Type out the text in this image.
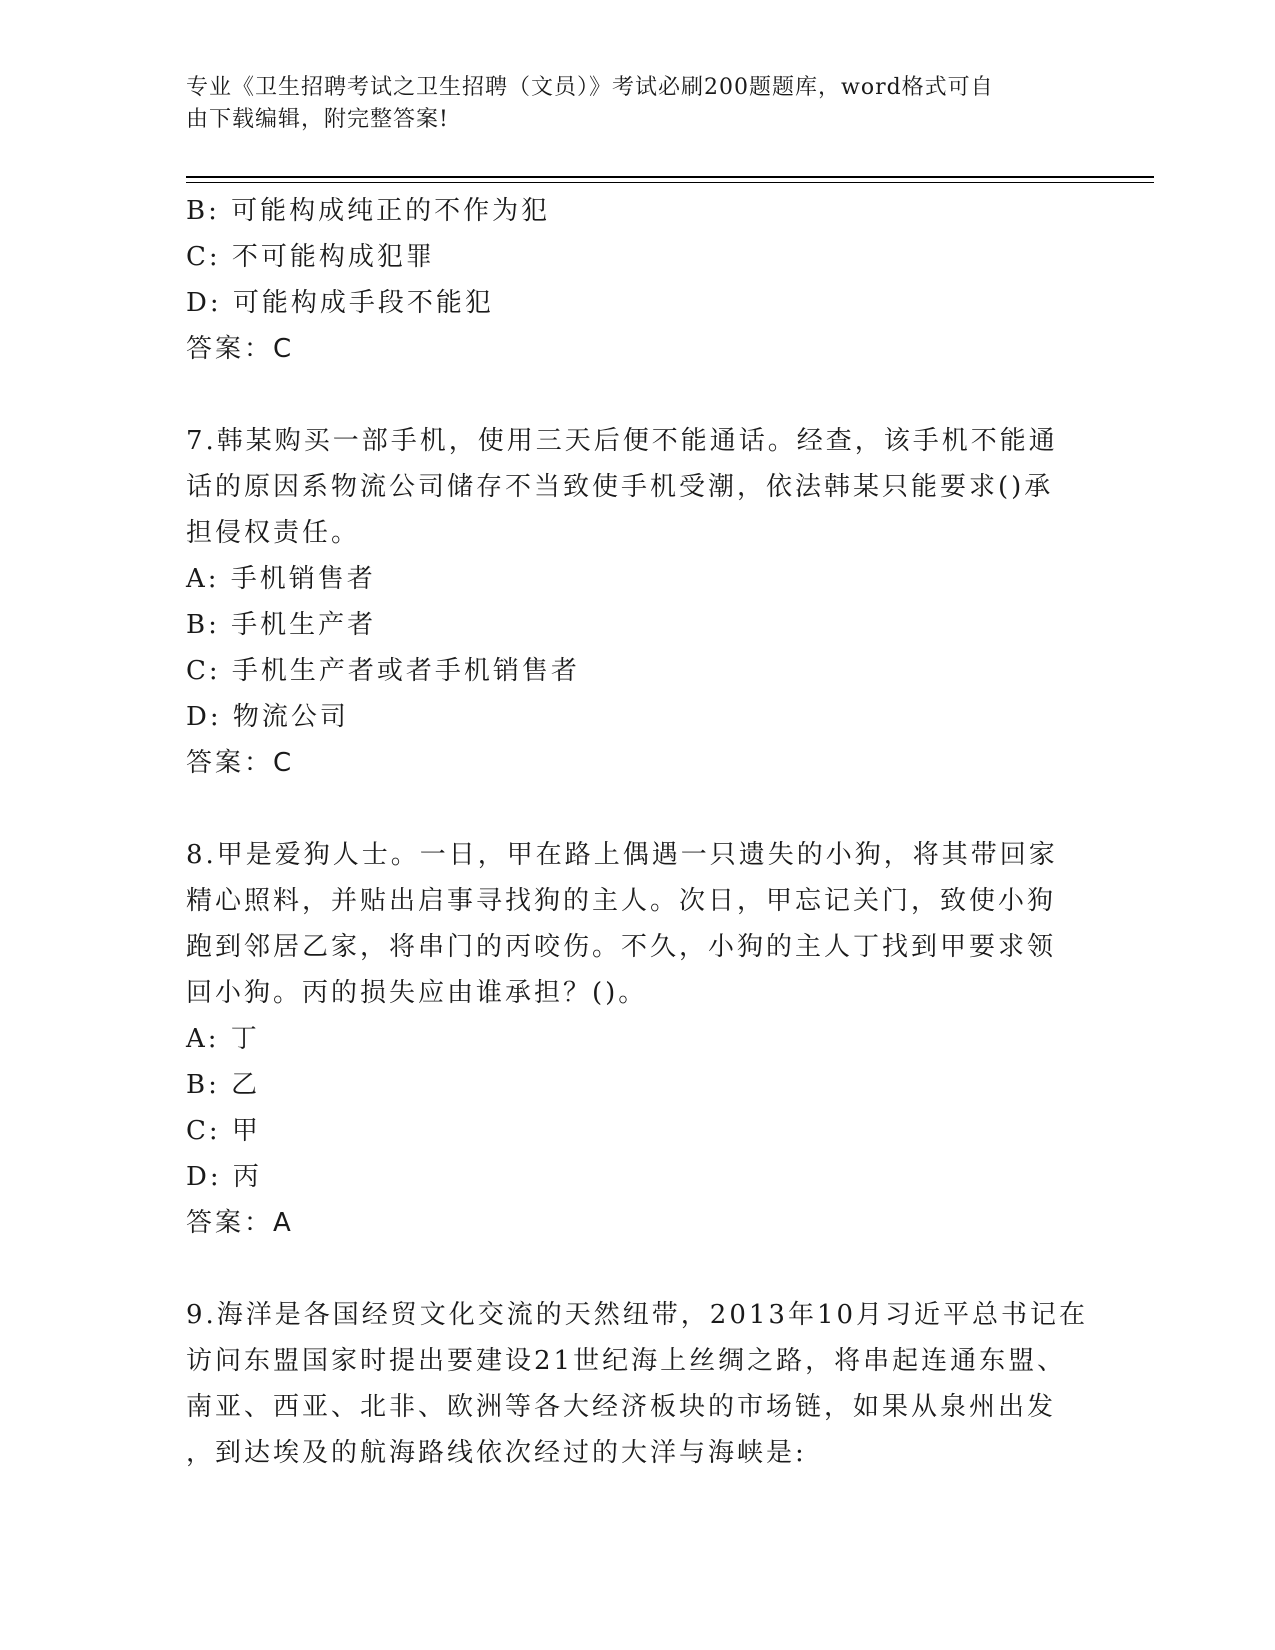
专业《卫生招聘考试之卫生招聘（文员）》考试必刷200题题库，word格式可自
由下载编辑，附完整答案!

B: 可能构成纯正的不作为犯

C: 不可能构成犯罪

D: 可能构成手段不能犯

答案：C

7.韩某购买一部手机，使用三天后便不能通话。经查，该手机不能通

话的原因系物流公司储存不当致使手机受潮，依法韩某只能要求()承

担侵权责任。

A: 手机销售者

B: 手机生产者

C: 手机生产者或者手机销售者

D: 物流公司

答案：C

8.甲是爱狗人士。一日，甲在路上偶遇一只遗失的小狗，将其带回家

精心照料，并贴出启事寻找狗的主人。次日，甲忘记关门，致使小狗

跑到邻居乙家，将串门的丙咬伤。不久，小狗的主人丁找到甲要求领

回小狗。丙的损失应由谁承担？()。

A: 丁

B: 乙

C: 甲

D: 丙

答案：A

9.海洋是各国经贸文化交流的天然纽带，2013年10月习近平总书记在

访问东盟国家时提出要建设21世纪海上丝绸之路，将串起连通东盟、

南亚、西亚、北非、欧洲等各大经济板块的市场链，如果从泉州出发

，到达埃及的航海路线依次经过的大洋与海峡是:
